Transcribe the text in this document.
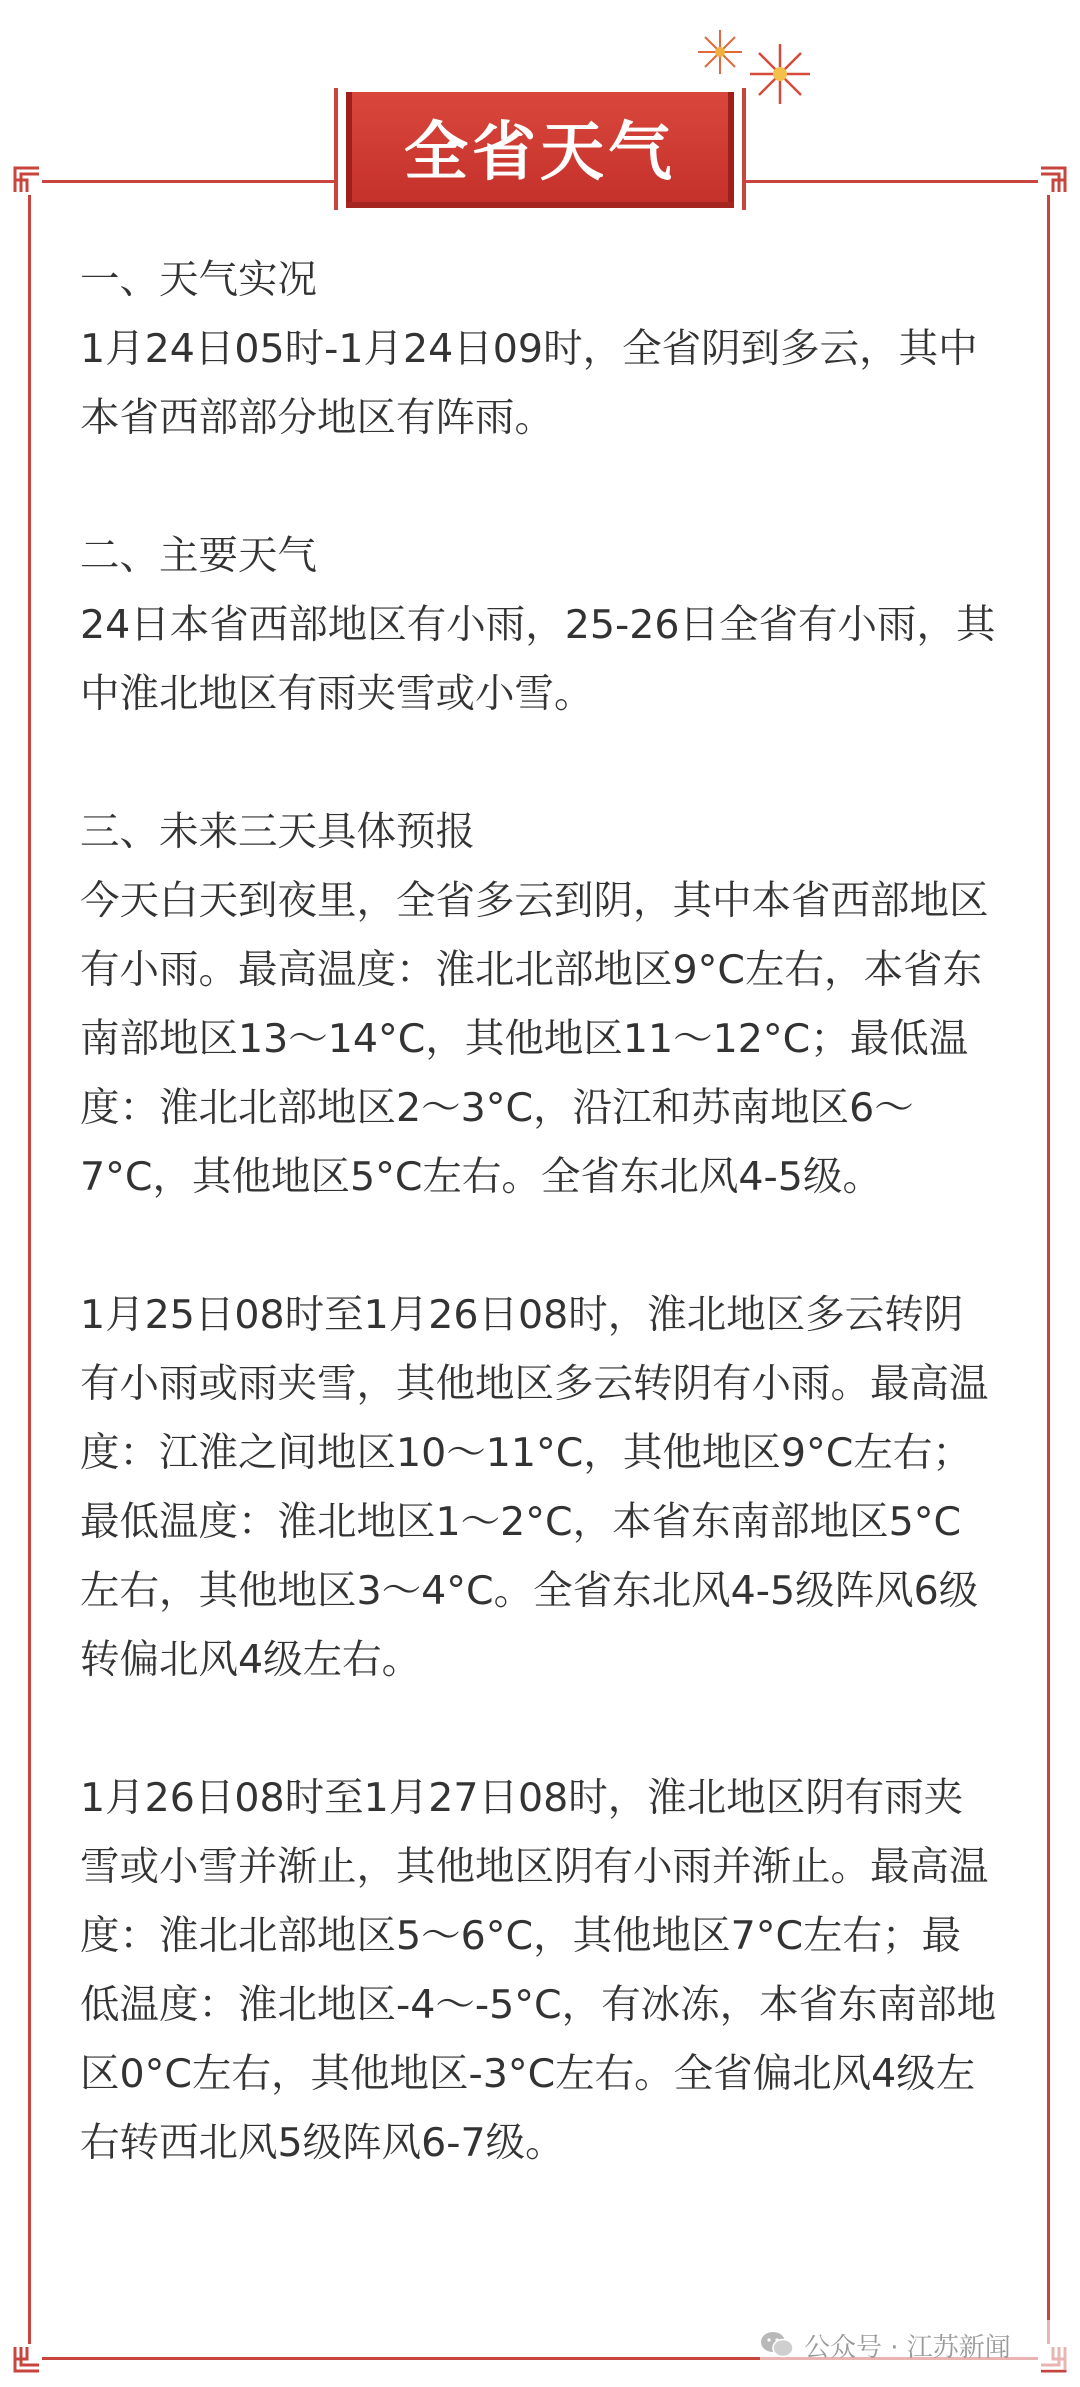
全省天气

一、天气实况

1月24日05时-1月24日09时，全省阴到多云，其中本省西部部分地区有阵雨。

二、主要天气

24日本省西部地区有小雨，25-26日全省有小雨，其中淮北地区有雨夹雪或小雪。

三、未来三天具体预报

今天白天到夜里，全省多云到阴，其中本省西部地区有小雨。最高温度：淮北北部地区9°C左右，本省东南部地区13～14°C，其他地区11～12°C；最低温度：淮北北部地区2～3°C，沿江和苏南地区6～7°C，其他地区5°C左右。全省东北风4-5级。

1月25日08时至1月26日08时，淮北地区多云转阴有小雨或雨夹雪，其他地区多云转阴有小雨。最高温度：江淮之间地区10～11°C，其他地区9°C左右；最低温度：淮北地区1～2°C，本省东南部地区5°C左右，其他地区3～4°C。全省东北风4-5级阵风6级转偏北风4级左右。

1月26日08时至1月27日08时，淮北地区阴有雨夹雪或小雪并渐止，其他地区阴有小雨并渐止。最高温度：淮北北部地区5～6°C，其他地区7°C左右；最低温度：淮北地区-4～-5°C，有冰冻，本省东南部地区0°C左右，其他地区-3°C左右。全省偏北风4级左右转西北风5级阵风6-7级。

公众号 · 江苏新闻
